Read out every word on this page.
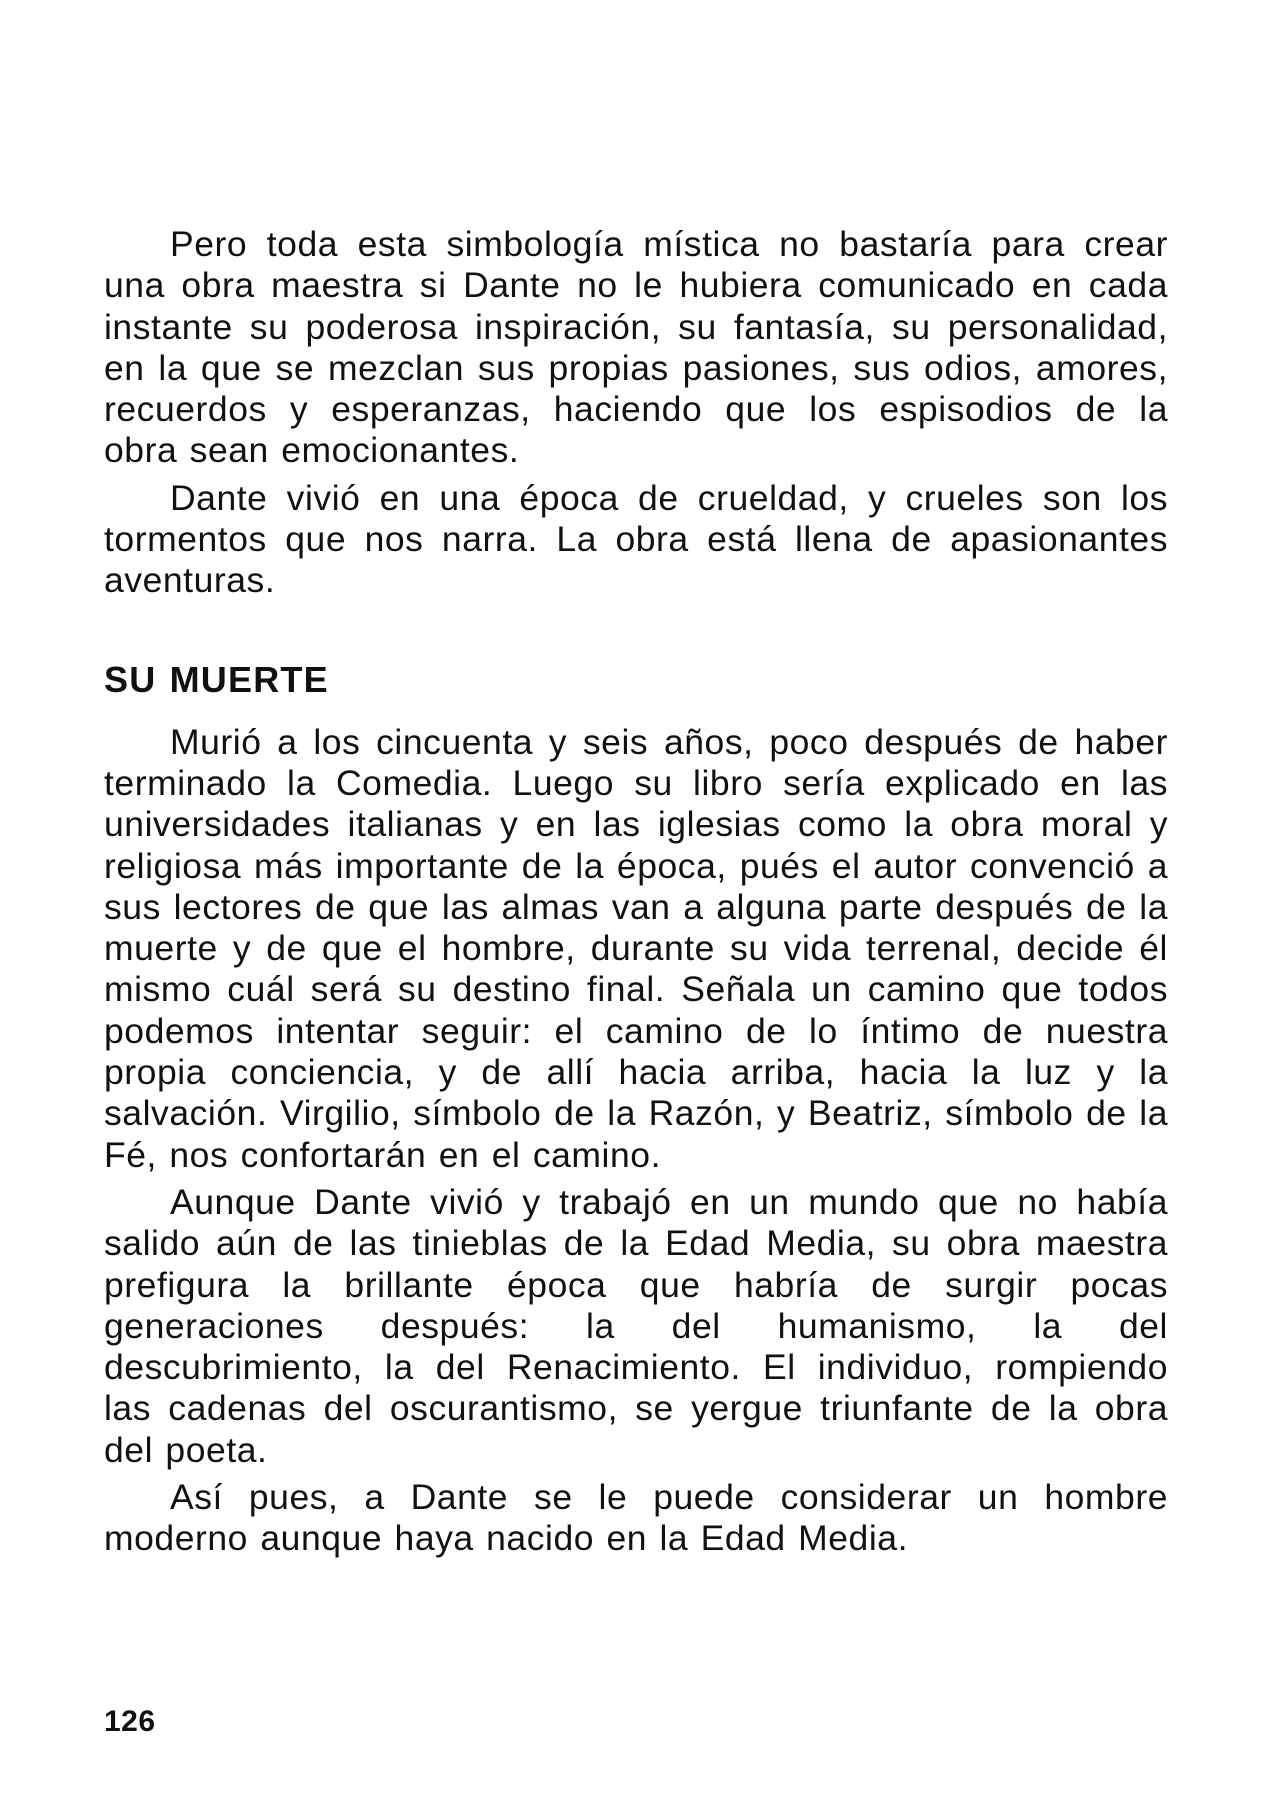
Pero toda esta simbología mística no bastaría para crear una obra maestra si Dante no le hubiera comunicado en cada instante su poderosa inspiración, su fantasía, su personalidad, en la que se mezclan sus propias pasiones, sus odios, amores, recuerdos y esperanzas, haciendo que los espisodios de la obra sean emocionantes.

Dante vivió en una época de crueldad, y crueles son los tormentos que nos narra. La obra está llena de apasionantes aventuras.

SU MUERTE

Murió a los cincuenta y seis años, poco después de haber terminado la Comedia. Luego su libro sería explicado en las universidades italianas y en las iglesias como la obra moral y religiosa más importante de la época, pués el autor convenció a sus lectores de que las almas van a alguna parte después de la muerte y de que el hombre, durante su vida terrenal, decide él mismo cuál será su destino final. Señala un camino que todos podemos intentar seguir: el camino de lo íntimo de nuestra propia conciencia, y de allí hacia arriba, hacia la luz y la salvación. Virgilio, símbolo de la Razón, y Beatriz, símbolo de la Fé, nos confortarán en el camino.

Aunque Dante vivió y trabajó en un mundo que no había salido aún de las tinieblas de la Edad Media, su obra maestra prefigura la brillante época que habría de surgir pocas generaciones después: la del humanismo, la del descubrimiento, la del Renacimiento. El individuo, rompiendo las cadenas del oscurantismo, se yergue triunfante de la obra del poeta.

Así pues, a Dante se le puede considerar un hombre moderno aunque haya nacido en la Edad Media.

126
